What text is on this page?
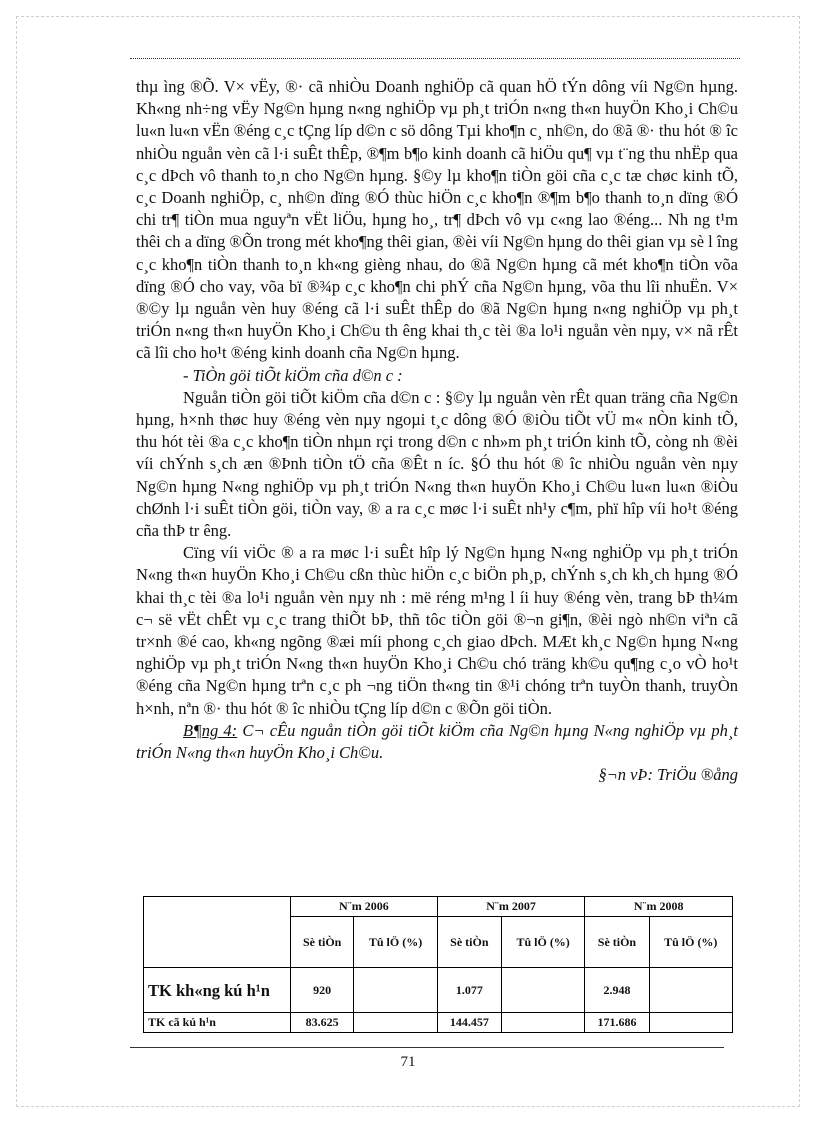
thµ ìng ®Õ. V× vËy, ®· cã nhiÒu Doanh nghiÖp cã quan hÖ tÝn dông víi Ng©n hµng. Kh«ng nh÷ng vËy Ng©n hµng n«ng nghiÖp vµ ph¸t triÓn n«ng th«n huyÖn Kho¸i Ch©u lu«n lu«n vËn ®éng c¸c tÇng líp d©n c sö dông Tµi kho¶n c¸ nh©n, do ®ã ®· thu hót ® îc nhiÒu nguån vèn cã l·i suÊt thÊp, ®¶m b¶o kinh doanh cã hiÖu qu¶ vµ t¨ng thu nhËp qua c¸c dÞch vô thanh to¸n cho Ng©n hµng. §©y lµ kho¶n tiÒn göi cña c¸c tæ chøc kinh tÕ, c¸c Doanh nghiÖp, c¸ nh©n dïng ®Ó thùc hiÖn c¸c kho¶n ®¶m b¶o thanh to¸n dïng ®Ó chi tr¶ tiÒn mua nguyªn vËt liÖu, hµng ho¸, tr¶ dÞch vô vµ c«ng lao ®éng... Nh ng t¹m thêi ch a dïng ®Õn trong mét kho¶ng thêi gian, ®èi víi Ng©n hµng do thêi gian vµ sè l îng c¸c kho¶n tiÒn thanh to¸n kh«ng gièng nhau, do ®ã Ng©n hµng cã mét kho¶n tiÒn võa dïng ®Ó cho vay, võa bï ®¾p c¸c kho¶n chi phÝ cña Ng©n hµng, võa thu lîi nhuËn. V× ®©y lµ nguån vèn huy ®éng cã l·i suÊt thÊp do ®ã Ng©n hµng n«ng nghiÖp vµ ph¸t triÓn n«ng th«n huyÖn Kho¸i Ch©u th êng khai th¸c tèi ®a lo¹i nguån vèn nµy, v× nã rÊt cã lîi cho ho¹t ®éng kinh doanh cña Ng©n hµng.

- TiÒn göi tiÕt kiÖm cña d©n c :

Nguån tiÒn göi tiÕt kiÖm cña d©n c : §©y lµ nguån vèn rÊt quan träng cña Ng©n hµng, h×nh thøc huy ®éng vèn nµy ngoµi t¸c dông ®Ó ®iÒu tiÕt vÜ m« nÒn kinh tÕ, thu hót tèi ®a c¸c kho¶n tiÒn nhµn rçi trong d©n c nh»m ph¸t triÓn kinh tÕ, còng nh ®èi víi chÝnh s¸ch æn ®Þnh tiÒn tÖ cña ®Êt n íc. §Ó thu hót ® îc nhiÒu nguån vèn nµy Ng©n hµng N«ng nghiÖp vµ ph¸t triÓn N«ng th«n huyÖn Kho¸i Ch©u lu«n lu«n ®iÒu chØnh l·i suÊt tiÒn göi, tiÒn vay, ® a ra c¸c møc l·i suÊt nh¹y c¶m, phï hîp víi ho¹t ®éng cña thÞ tr êng.

Cïng víi viÖc ® a ra møc l·i suÊt hîp lý Ng©n hµng N«ng nghiÖp vµ ph¸t triÓn N«ng th«n huyÖn Kho¸i Ch©u cßn thùc hiÖn c¸c biÖn ph¸p, chÝnh s¸ch kh¸ch hµng ®Ó khai th¸c tèi ®a lo¹i nguån vèn nµy nh : më réng m¹ng l íi huy ®éng vèn, trang bÞ th¼m c¬ së vËt chÊt vµ c¸c trang thiÕt bÞ, thñ tôc tiÒn göi ®¬n gi¶n, ®èi ngò nh©n viªn cã tr×nh ®é cao, kh«ng ngõng ®æi míi phong c¸ch giao dÞch. MÆt kh¸c Ng©n hµng N«ng nghiÖp vµ ph¸t triÓn N«ng th«n huyÖn Kho¸i Ch©u chó träng kh©u qu¶ng c¸o vÒ ho¹t ®éng cña Ng©n hµng trªn c¸c ph ¬ng tiÖn th«ng tin ®¹i chóng trªn tuyÒn thanh, truyÒn h×nh, nªn ®· thu hót ® îc nhiÒu tÇng líp d©n c ®Õn göi tiÒn.

B¶ng 4: C¬ cÊu nguån tiÒn göi tiÕt kiÖm cña Ng©n hµng N«ng nghiÖp vµ ph¸t triÓn N«ng th«n huyÖn Kho¸i Ch©u.

§¬n vÞ: TriÖu ®ång

	N¨m 2006		N¨m 2007		N¨m 2008	
	Sè tiÒn	Tû lÖ (%)	Sè tiÒn	Tû lÖ (%)	Sè tiÒn	Tû lÖ (%)
TK kh«ng kú h¹n	920		1.077		2.948	
TK cã kú h¹n	83.625		144.457		171.686	
71
